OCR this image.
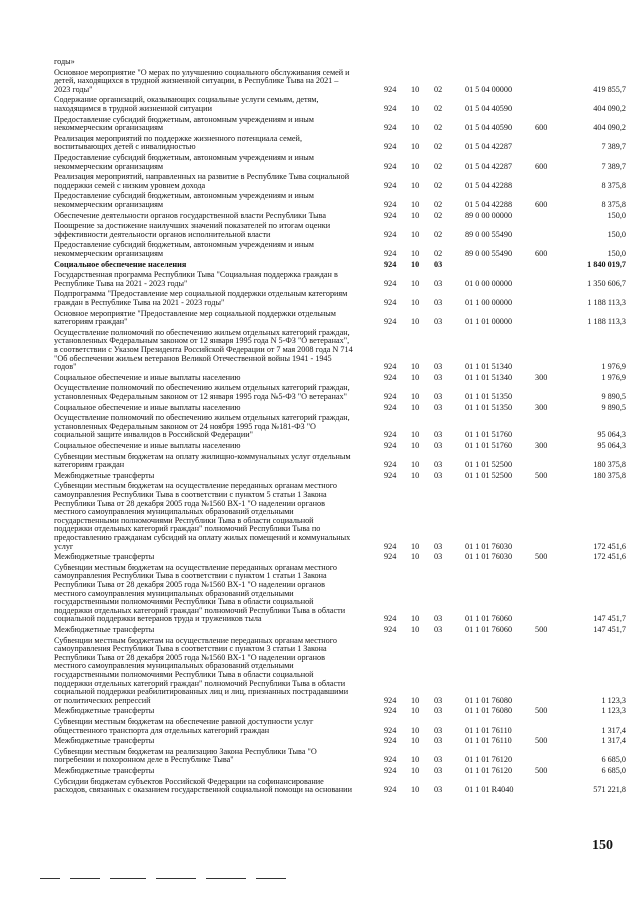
годы»
Основное мероприятие "О мерах по улучшению социального обслуживания семей и
детей, находящихся в трудной жизненной ситуации, в Республике Тыва на 2021 –
2023 годы"	924 10 02	01 5 04 00000	419 855,7
Содержание организаций, оказывающих социальные услуги семьям, детям,
находящимся в трудной жизненной ситуации	924 10 02	01 5 04 40590	404 090,2
Предоставление субсидий бюджетным, автономным учреждениям и иным
некоммерческим организациям	924 10 02	01 5 04 40590	600	404 090,2
Реализация мероприятий по поддержке жизненного потенциала семей,
воспитывающих детей с инвалидностью	924 10 02	01 5 04 42287	7 389,7
Предоставление субсидий бюджетным, автономным учреждениям и иным
некоммерческим организациям	924 10 02	01 5 04 42287	600	7 389,7
Реализация мероприятий, направленных на развитие в Республике Тыва социальной
поддержки семей с низким уровнем дохода	924 10 02	01 5 04 42288	8 375,8
Предоставление субсидий бюджетным, автономным учреждениям и иным
некоммерческим организациям	924 10 02	01 5 04 42288	600	8 375,8
Обеспечение деятельности органов государственной власти Республики Тыва	924 10 02	89 0 00 00000	150,0
Поощрение за достижение наилучших значений показателей по итогам оценки
эффективности деятельности органов исполнительной власти	924 10 02	89 0 00 55490	150,0
Предоставление субсидий бюджетным, автономным учреждениям и иным
некоммерческим организациям	924 10 02	89 0 00 55490	600	150,0
Социальное обеспечение населения	924 10 03	1 840 019,7
Государственная программа Республики Тыва "Социальная поддержка граждан в
Республике Тыва на 2021 - 2023 годы"	924 10 03	01 0 00 00000	1 350 606,7
Подпрограмма "Предоставление мер социальной поддержки отдельным категориям
граждан в Республике Тыва на 2021 - 2023 годы"	924 10 03	01 1 00 00000	1 188 113,3
Основное мероприятие "Предоставление мер социальной поддержки отдельным
категориям граждан"	924 10 03	01 1 01 00000	1 188 113,3
Осуществление полномочий по обеспечению жильем отдельных категорий граждан,
установленных Федеральным законом от 12 января 1995 года N 5-ФЗ "О ветеранах",
в соответствии с Указом Президента Российской Федерации от 7 мая 2008 года N 714
"Об обеспечении жильем ветеранов Великой Отечественной войны 1941 - 1945
годов"	924 10 03	01 1 01 51340	1 976,9
Социальное обеспечение и иные выплаты населению	924 10 03	01 1 01 51340	300	1 976,9
Осуществление полномочий по обеспечению жильем отдельных категорий граждан,
установленных Федеральным законом от 12 января 1995 года №5-ФЗ "О ветеранах"	924 10 03	01 1 01 51350	9 890,5
Социальное обеспечение и иные выплаты населению	924 10 03	01 1 01 51350	300	9 890,5
Осуществление полномочий по обеспечению жильем отдельных категорий граждан,
установленных Федеральным законом от 24 ноября 1995 года №181-ФЗ "О
социальной защите инвалидов в Российской Федерации"	924 10 03	01 1 01 51760	95 064,3
Социальное обеспечение и иные выплаты населению	924 10 03	01 1 01 51760	300	95 064,3
Субвенции местным бюджетам на оплату жилищно-коммунальных услуг отдельным
категориям граждан	924 10 03	01 1 01 52500	180 375,8
Межбюджетные трансферты	924 10 03	01 1 01 52500	500	180 375,8
Субвенции местным бюджетам на осуществление переданных органам местного
самоуправления Республики Тыва в соответствии с пунктом 5 статьи 1 Закона
Республики Тыва от 28 декабря 2005 года №1560 ВХ-1 "О наделении органов
местного самоуправления муниципальных образований отдельными
государственными полномочиями Республики Тыва в области социальной
поддержки отдельных категорий граждан" полномочий Республики Тыва по
предоставлению гражданам субсидий на оплату жилых помещений и коммунальных
услуг	924 10 03	01 1 01 76030	172 451,6
Межбюджетные трансферты	924 10 03	01 1 01 76030	500	172 451,6
Субвенции местным бюджетам на осуществление переданных органам местного
самоуправления Республики Тыва в соответствии с пунктом 1 статьи 1 Закона
Республики Тыва от 28 декабря 2005 года №1560 ВХ-1 "О наделении органов
местного самоуправления муниципальных образований отдельными
государственными полномочиями Республики Тыва в области социальной
поддержки отдельных категорий граждан" полномочий Республики Тыва в области
социальной поддержки ветеранов труда и тружеников тыла	924 10 03	01 1 01 76060	147 451,7
Межбюджетные трансферты	924 10 03	01 1 01 76060	500	147 451,7
Субвенции местным бюджетам на осуществление переданных органам местного
самоуправления Республики Тыва в соответствии с пунктом 3 статьи 1 Закона
Республики Тыва от 28 декабря 2005 года №1560 ВХ-1 "О наделении органов
местного самоуправления муниципальных образований отдельными
государственными полномочиями Республики Тыва в области социальной
поддержки отдельных категорий граждан" полномочий Республики Тыва в области
социальной поддержки реабилитированных лиц и лиц, признанных пострадавшими
от политических репрессий	924 10 03	01 1 01 76080	1 123,3
Межбюджетные трансферты	924 10 03	01 1 01 76080	500	1 123,3
Субвенции местным бюджетам на обеспечение равной доступности услуг
общественного транспорта для отдельных категорий граждан	924 10 03	01 1 01 76110	1 317,4
Межбюджетные трансферты	924 10 03	01 1 01 76110	500	1 317,4
Субвенции местным бюджетам на реализацию Закона Республики Тыва "О
погребении и похоронном деле в Республике Тыва"	924 10 03	01 1 01 76120	6 685,0
Межбюджетные трансферты	924 10 03	01 1 01 76120	500	6 685,0
Субсидии бюджетам субъектов Российской Федерации на софинансирование
расходов, связанных с оказанием государственной социальной помощи на основании	924 10 03	01 1 01 R4040	571 221,8
150
